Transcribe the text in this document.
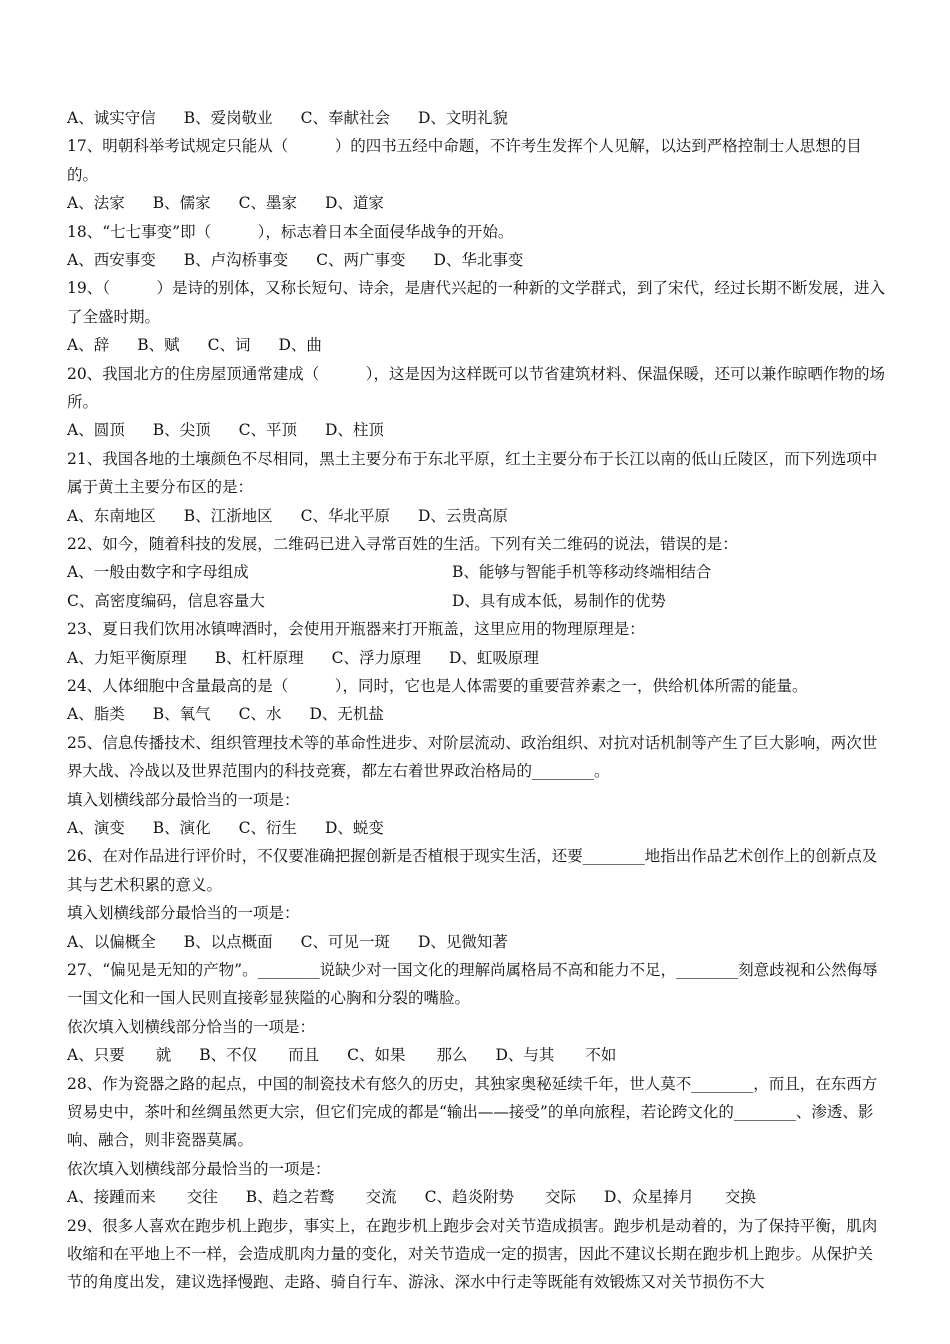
A、诚实守信 B、爱岗敬业 C、奉献社会 D、文明礼貌
17、明朝科举考试规定只能从（　　　）的四书五经中命题，不许考生发挥个人见解，以达到严格控制士人思想的目的。
A、法家 B、儒家 C、墨家 D、道家
18、“七七事变”即（　　　），标志着日本全面侵华战争的开始。
A、西安事变 B、卢沟桥事变 C、两广事变 D、华北事变
19、（　　　）是诗的别体，又称长短句、诗余，是唐代兴起的一种新的文学群式，到了宋代，经过长期不断发展，进入了全盛时期。
A、辞 B、赋 C、词 D、曲
20、我国北方的住房屋顶通常建成（　　　），这是因为这样既可以节省建筑材料、保温保暖，还可以兼作晾晒作物的场所。
A、圆顶 B、尖顶 C、平顶 D、柱顶
21、我国各地的土壤颜色不尽相同，黑土主要分布于东北平原，红土主要分布于长江以南的低山丘陵区，而下列选项中属于黄土主要分布区的是：
A、东南地区 B、江浙地区 C、华北平原 D、云贵高原
22、如今，随着科技的发展，二维码已进入寻常百姓的生活。下列有关二维码的说法，错误的是：
A、一般由数字和字母组成	B、能够与智能手机等移动终端相结合
C、高密度编码，信息容量大	D、具有成本低，易制作的优势
23、夏日我们饮用冰镇啤酒时，会使用开瓶器来打开瓶盖，这里应用的物理原理是：
A、力矩平衡原理 B、杠杆原理 C、浮力原理 D、虹吸原理
24、人体细胞中含量最高的是（　　　），同时，它也是人体需要的重要营养素之一，供给机体所需的能量。
A、脂类 B、氧气 C、水 D、无机盐
25、信息传播技术、组织管理技术等的革命性进步、对阶层流动、政治组织、对抗对话机制等产生了巨大影响，两次世界大战、冷战以及世界范围内的科技竞赛，都左右着世界政治格局的________。
填入划横线部分最恰当的一项是：
A、演变 B、演化 C、衍生 D、蜕变
26、在对作品进行评价时，不仅要准确把握创新是否植根于现实生活，还要________地指出作品艺术创作上的创新点及其与艺术积累的意义。
填入划横线部分最恰当的一项是：
A、以偏概全 B、以点概面 C、可见一斑 D、见微知著
27、“偏见是无知的产物”。________说缺少对一国文化的理解尚属格局不高和能力不足，________刻意歧视和公然侮辱一国文化和一国人民则直接彰显狭隘的心胸和分裂的嘴脸。
依次填入划横线部分恰当的一项是：
A、只要　　就 B、不仅　　而且 C、如果　　那么 D、与其　　不如
28、作为瓷器之路的起点，中国的制瓷技术有悠久的历史，其独家奥秘延续千年，世人莫不________，而且，在东西方贸易史中，茶叶和丝绸虽然更大宗，但它们完成的都是“输出——接受”的单向旅程，若论跨文化的________、渗透、影响、融合，则非瓷器莫属。
依次填入划横线部分最恰当的一项是：
A、接踵而来　　交往 B、趋之若鹜　　交流 C、趋炎附势　　交际 D、众星捧月　　交换
29、很多人喜欢在跑步机上跑步，事实上，在跑步机上跑步会对关节造成损害。跑步机是动着的，为了保持平衡，肌肉收缩和在平地上不一样，会造成肌肉力量的变化，对关节造成一定的损害，因此不建议长期在跑步机上跑步。从保护关节的角度出发，建议选择慢跑、走路、骑自行车、游泳、深水中行走等既能有效锻炼又对关节损伤不大
